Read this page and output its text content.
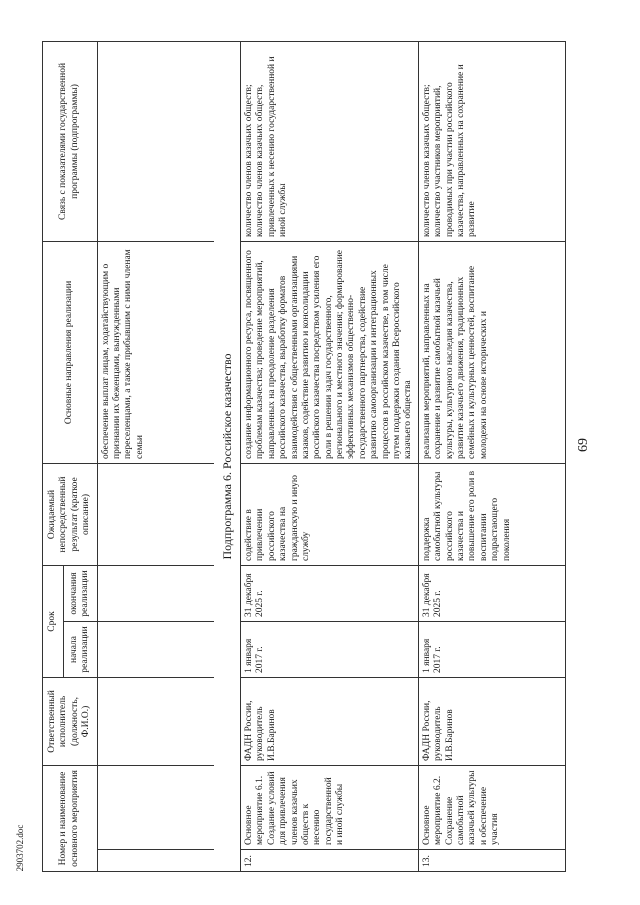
69
2903702.doc	Номер и наименование основного мероприятия		Ответственный исполнитель (должность, Ф.И.О.)	Срок		Ожидаемый непосредственный результат (краткое описание)	Основные направления реализации	Связь с показателями государственной программы (подпрограммы)
			начала реализации	окончания реализации			
						обеспечение выплат лицам, ходатайствующим о признании их беженцами, вынужденными переселенцами, а также прибывшим с ними членам семьи	
Подпрограмма 6. Российское казачество							
12.	Основное мероприятие 6.1. Создание условий для привлечения членов казачьих обществ к несению государственной и иной службы	ФАДН России, руководитель И.В.Баринов	1 января 2017 г.	31 декабря 2025 г.	содействие в привлечении российского казачества на гражданскую и иную службу	создание информационного ресурса, посвященного проблемам казачества; проведение мероприятий, направленных на преодоление разделения российского казачества, выработку форматов взаимодействия с общественными организациями казаков, содействие развитию и консолидации российского казачества посредством усиления его роли в решении задач государственного, регионального и местного значения; формирование эффективных механизмов общественно-государственного партнерства, содействие развитию самоорганизации и интеграционных процессов в российском казачестве, в том числе путем поддержки создания Всероссийского казачьего общества	количество членов казачьих обществ; количество членов казачьих обществ, привлеченных к несению государственной и иной службы
13.	Основное мероприятие 6.2. Сохранение самобытной казачьей культуры и обеспечение участия	ФАДН России, руководитель И.В.Баринов	1 января 2017 г.	31 декабря 2025 г.	поддержка самобытной культуры российского казачества и повышение его роли в воспитании подрастающего поколения	реализация мероприятий, направленных на сохранение и развитие самобытной казачьей культуры, культурного наследия казачества, развитие казачьего движения, традиционных семейных и культурных ценностей, воспитание молодежи на основе исторических и	количество членов казачьих обществ; количество участников мероприятий, проводимых при участии российского казачества, направленных на сохранение и развитие
